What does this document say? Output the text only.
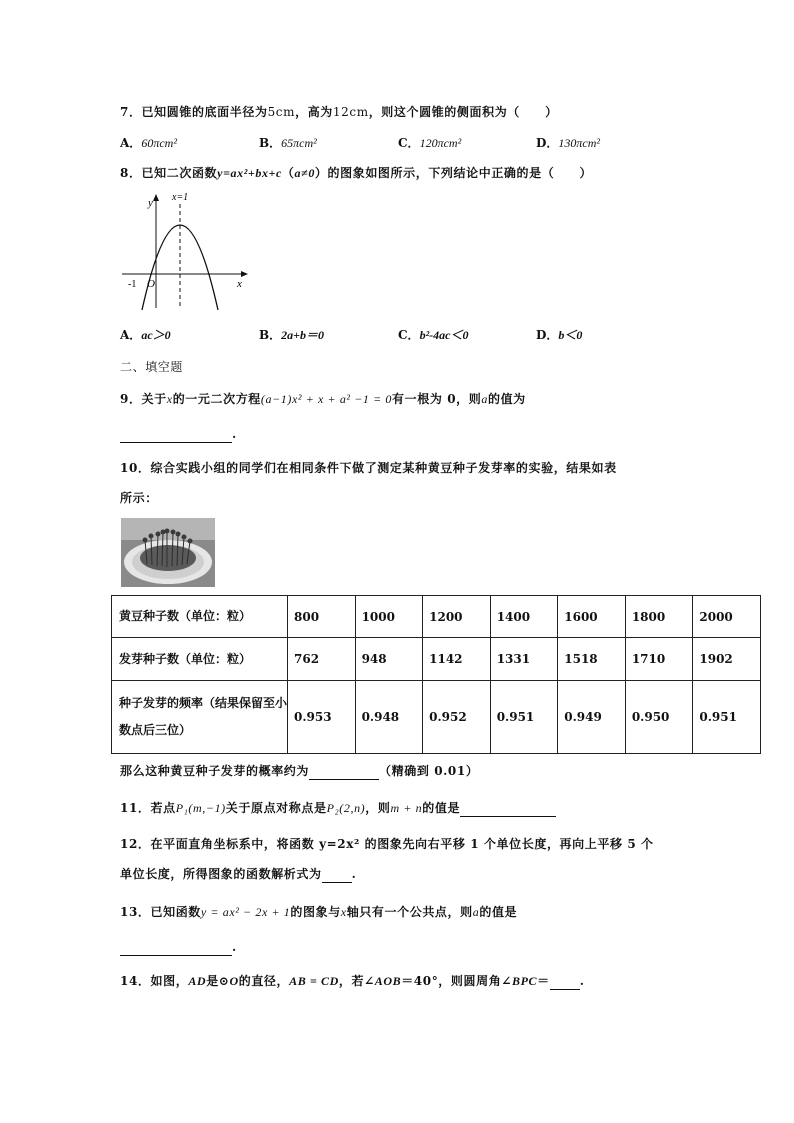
7．已知圆锥的底面半径为5cm，高为12cm，则这个圆锥的侧面积为（　　）
A．60πcm²	B．65πcm²	C．120πcm²	D．130πcm²
8．已知二次函数y=ax²+bx+c（a≠0）的图象如图所示，下列结论中正确的是（　　）
x=1
y
x
O
-1
A．ac＞0	B．2a+b＝0	C．b²-4ac＜0	D．b＜0
二、填空题
9．关于x的一元二次方程(a−1)x² + x + a² −1 = 0有一根为 0，则a的值为
.
10．综合实践小组的同学们在相同条件下做了测定某种黄豆种子发芽率的实验，结果如表
所示：
黄豆种子数（单位：粒）	800	1000	1200	1400	1600	1800	2000
发芽种子数（单位：粒）	762	948	1142	1331	1518	1710	1902
种子发芽的频率（结果保留至小数点后三位）	0.953	0.948	0.952	0.951	0.949	0.950	0.951
那么这种黄豆种子发芽的概率约为	（精确到 0.01）
11．若点P₁(m,−1)关于原点对称点是P₂(2,n)，则m + n的值是
12．在平面直角坐标系中，将函数 y=2x² 的图象先向右平移 1 个单位长度，再向上平移 5 个
单位长度，所得图象的函数解析式为	.
13．已知函数y = ax² − 2x + 1的图象与x轴只有一个公共点，则a的值是
.
14．如图，AD是⊙O的直径，AB = CD，若∠AOB＝40°，则圆周角∠BPC＝	.
